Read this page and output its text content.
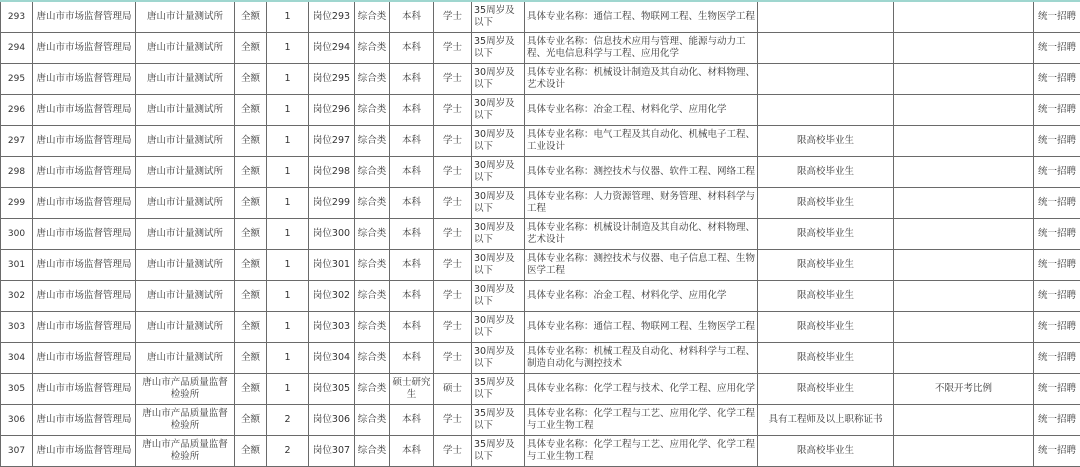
293	唐山市市场监督管理局	唐山市计量测试所	全额	1	岗位293	综合类	本科	学士	35周岁及以下	具体专业名称：通信工程、物联网工程、生物医学工程			统一招聘
294	唐山市市场监督管理局	唐山市计量测试所	全额	1	岗位294	综合类	本科	学士	35周岁及以下	具体专业名称：信息技术应用与管理、能源与动力工程、光电信息科学与工程、应用化学			统一招聘
295	唐山市市场监督管理局	唐山市计量测试所	全额	1	岗位295	综合类	本科	学士	30周岁及以下	具体专业名称：机械设计制造及其自动化、材料物理、艺术设计			统一招聘
296	唐山市市场监督管理局	唐山市计量测试所	全额	1	岗位296	综合类	本科	学士	30周岁及以下	具体专业名称：冶金工程、材料化学、应用化学			统一招聘
297	唐山市市场监督管理局	唐山市计量测试所	全额	1	岗位297	综合类	本科	学士	30周岁及以下	具体专业名称：电气工程及其自动化、机械电子工程、工业设计	限高校毕业生		统一招聘
298	唐山市市场监督管理局	唐山市计量测试所	全额	1	岗位298	综合类	本科	学士	30周岁及以下	具体专业名称：测控技术与仪器、软件工程、网络工程	限高校毕业生		统一招聘
299	唐山市市场监督管理局	唐山市计量测试所	全额	1	岗位299	综合类	本科	学士	30周岁及以下	具体专业名称：人力资源管理、财务管理、材料科学与工程	限高校毕业生		统一招聘
300	唐山市市场监督管理局	唐山市计量测试所	全额	1	岗位300	综合类	本科	学士	30周岁及以下	具体专业名称：机械设计制造及其自动化、材料物理、艺术设计	限高校毕业生		统一招聘
301	唐山市市场监督管理局	唐山市计量测试所	全额	1	岗位301	综合类	本科	学士	30周岁及以下	具体专业名称：测控技术与仪器、电子信息工程、生物医学工程	限高校毕业生		统一招聘
302	唐山市市场监督管理局	唐山市计量测试所	全额	1	岗位302	综合类	本科	学士	30周岁及以下	具体专业名称：冶金工程、材料化学、应用化学	限高校毕业生		统一招聘
303	唐山市市场监督管理局	唐山市计量测试所	全额	1	岗位303	综合类	本科	学士	30周岁及以下	具体专业名称：通信工程、物联网工程、生物医学工程	限高校毕业生		统一招聘
304	唐山市市场监督管理局	唐山市计量测试所	全额	1	岗位304	综合类	本科	学士	30周岁及以下	具体专业名称：机械工程及自动化、材料科学与工程、制造自动化与测控技术	限高校毕业生		统一招聘
305	唐山市市场监督管理局	唐山市产品质量监督检验所	全额	1	岗位305	综合类	硕士研究生	硕士	35周岁及以下	具体专业名称：化学工程与技术、化学工程、应用化学	限高校毕业生	不限开考比例	统一招聘
306	唐山市市场监督管理局	唐山市产品质量监督检验所	全额	2	岗位306	综合类	本科	学士	35周岁及以下	具体专业名称：化学工程与工艺、应用化学、化学工程与工业生物工程	具有工程师及以上职称证书		统一招聘
307	唐山市市场监督管理局	唐山市产品质量监督检验所	全额	2	岗位307	综合类	本科	学士	35周岁及以下	具体专业名称：化学工程与工艺、应用化学、化学工程与工业生物工程	限高校毕业生		统一招聘
